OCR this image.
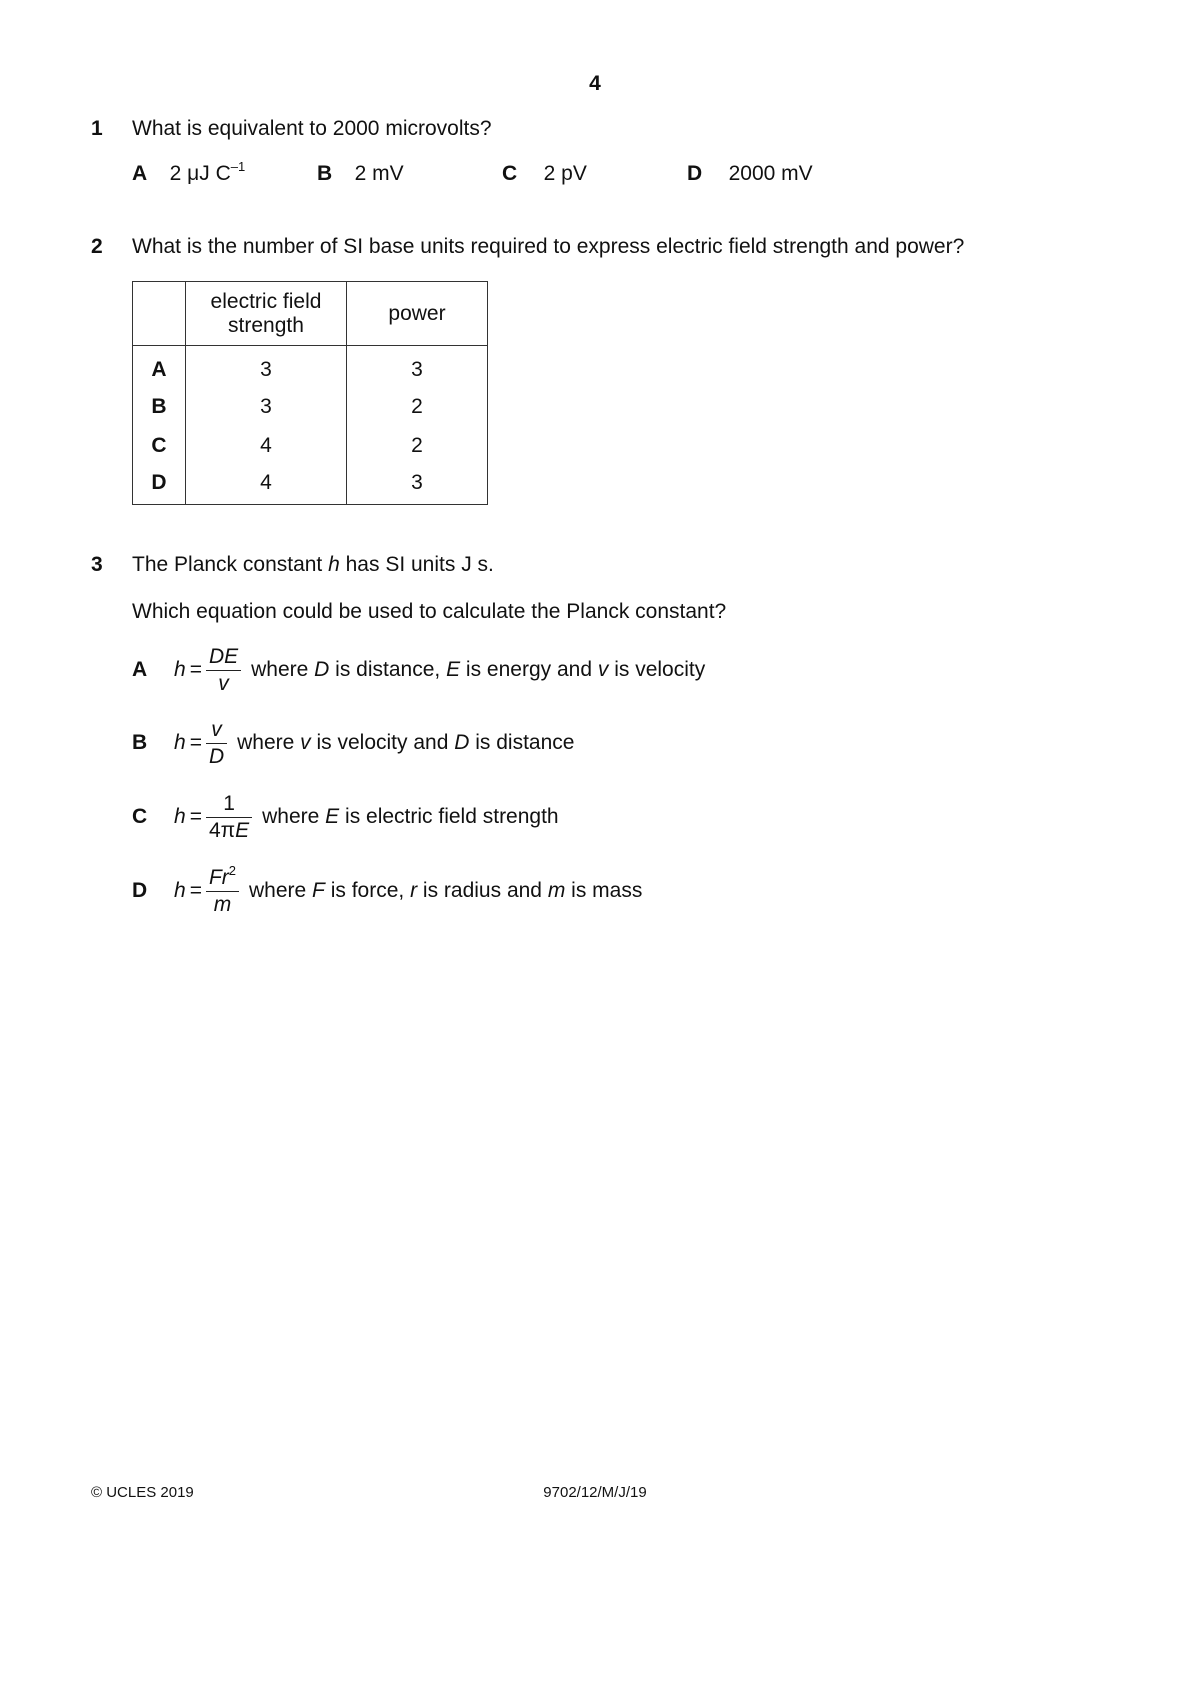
4
1 What is equivalent to 2000 microvolts?
A 2 μJ $C^{-1}$	B 2 mV	C 2 pV	D 2000 mV
2 What is the number of SI base units required to express electric field strength and power?
	electric field strength	power
A	3	3
B	3	2
C	4	2
D	4	3
3 The Planck constant h has SI units J s.
Which equation could be used to calculate the Planck constant?
A	$h = \frac{DE}{v}$ where D is distance, E is energy and v is velocity
B	$h = \frac{v}{D}$ where v is velocity and D is distance
C	$h = \frac{1}{4\pi E}$ where E is electric field strength
D	$h = \frac{Fr^2}{m}$ where F is force, r is radius and m is mass
© UCLES 2019	9702/12/M/J/19
